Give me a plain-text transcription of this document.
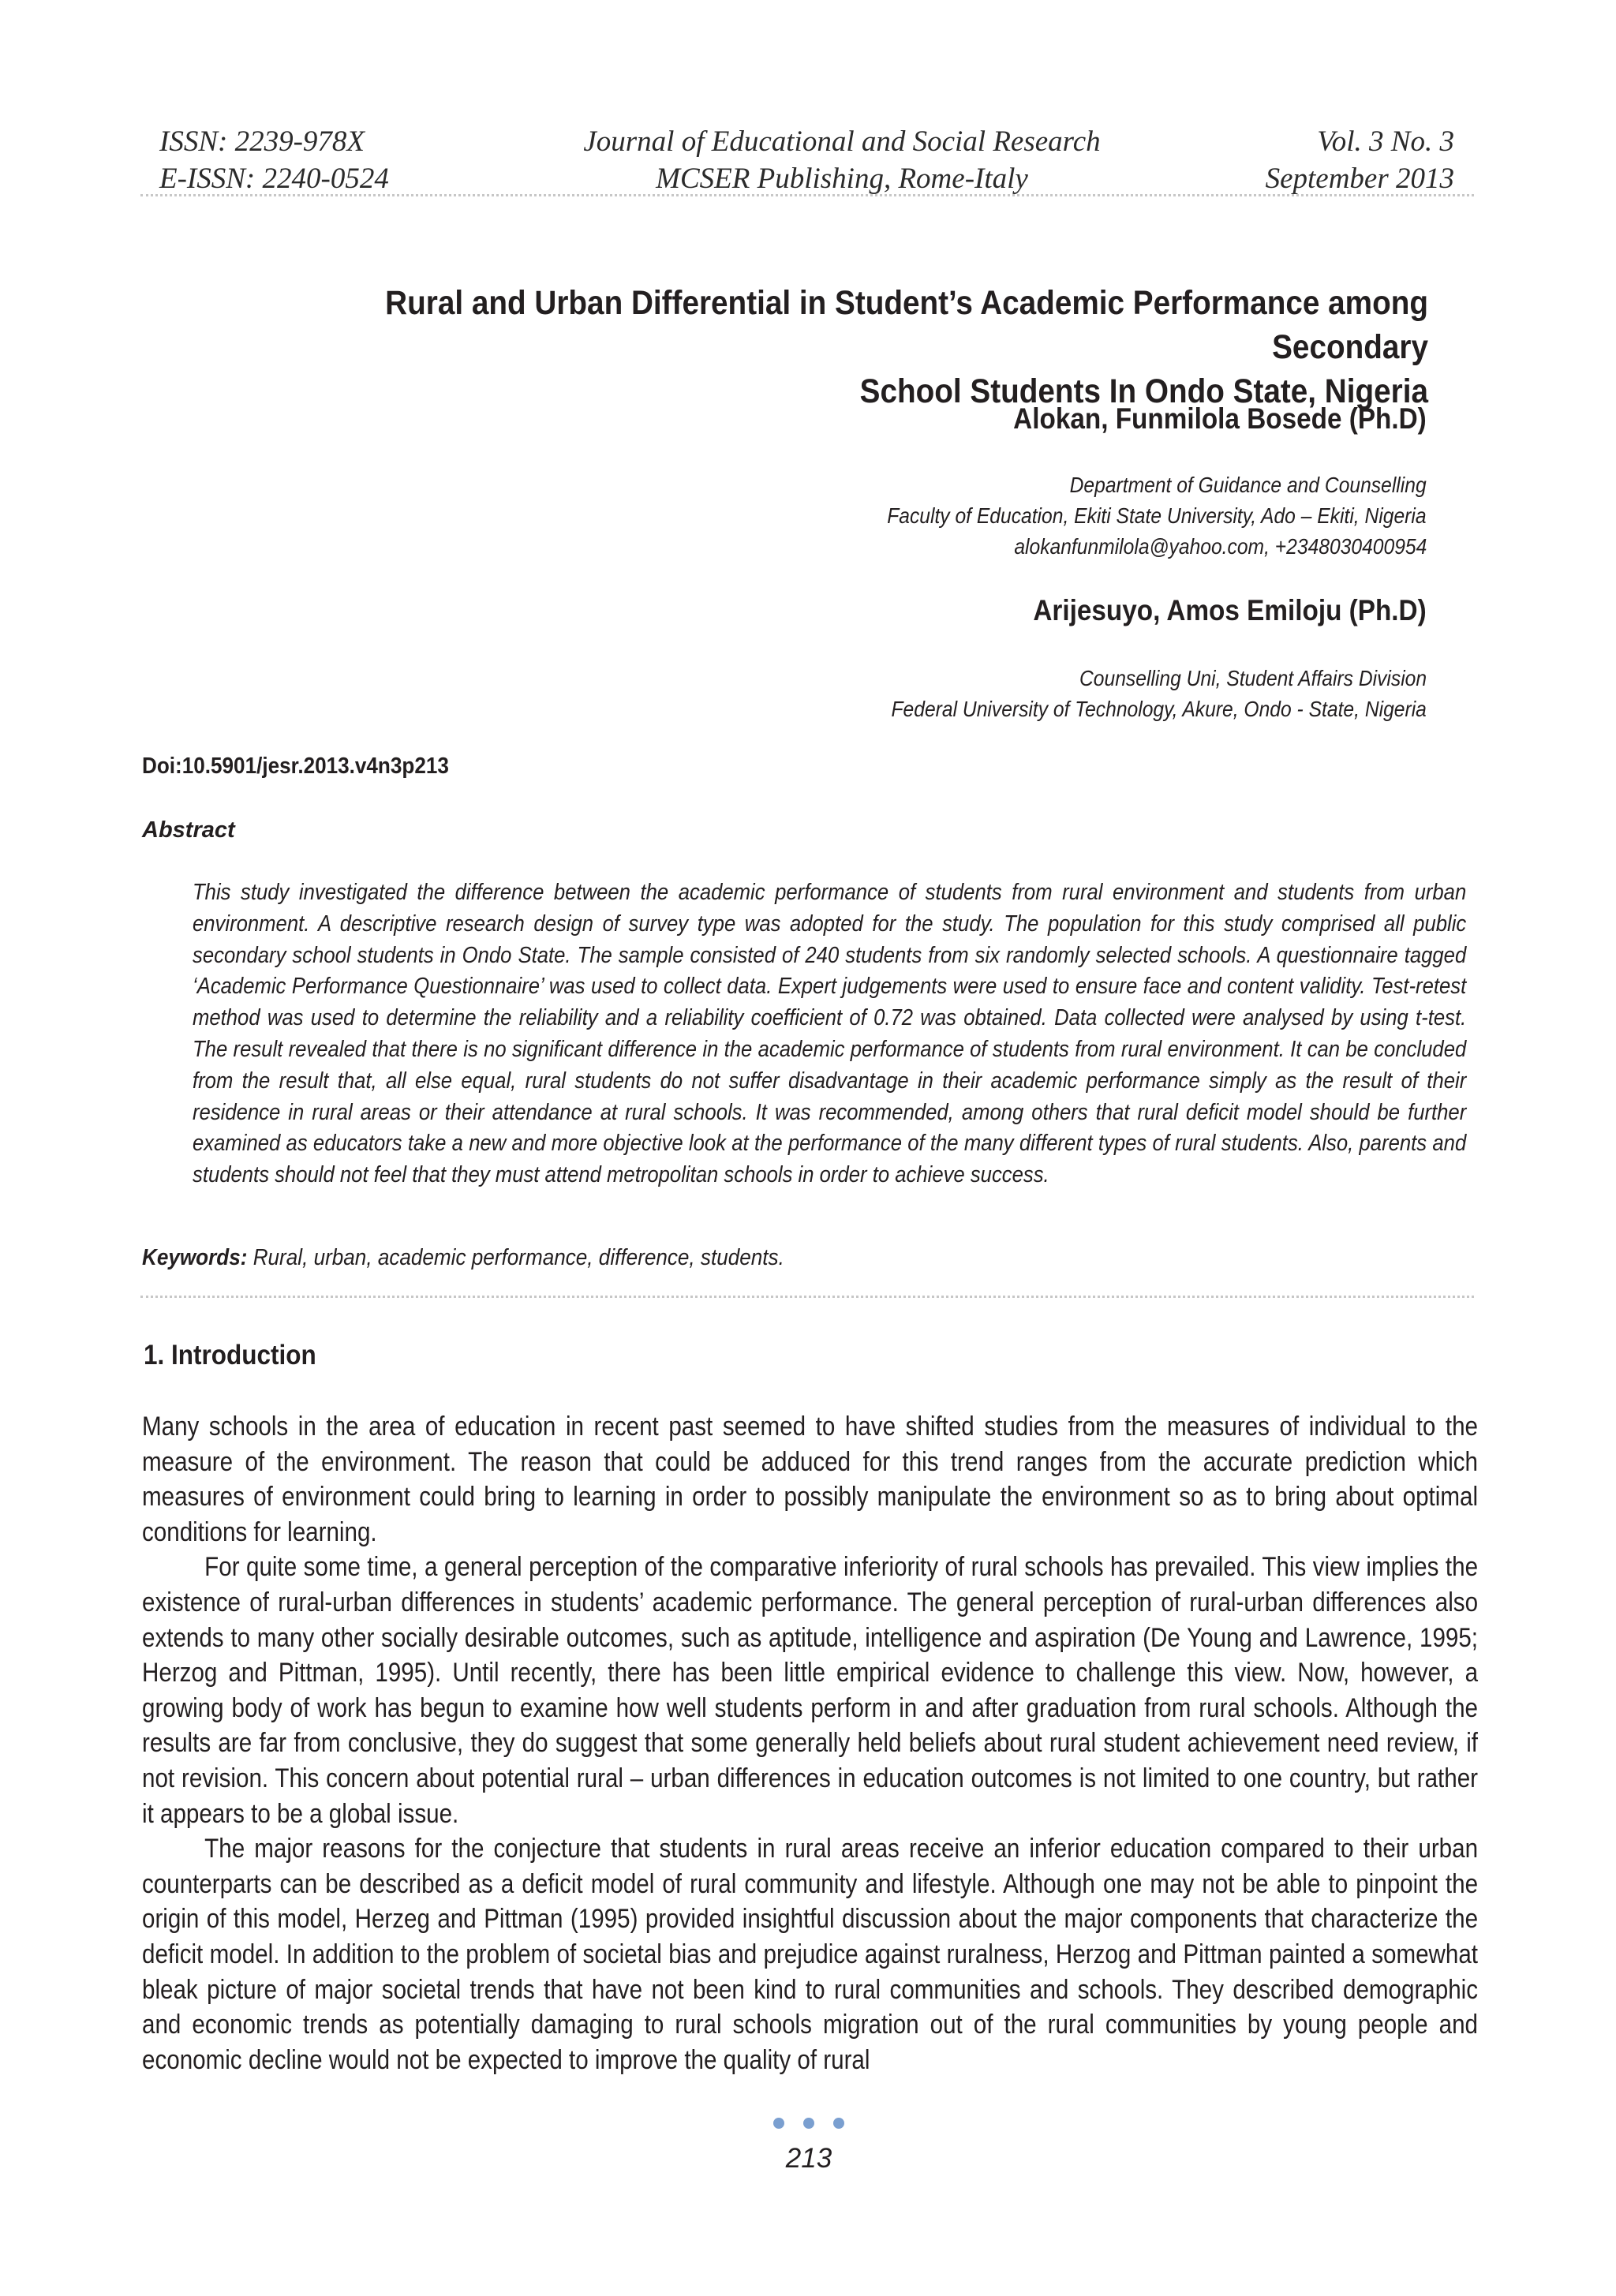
ISSN: 2239-978X
E-ISSN: 2240-0524
Journal of Educational and Social Research
MCSER Publishing, Rome-Italy
Vol. 3 No. 3
September 2013
Rural and Urban Differential in Student’s Academic Performance among Secondary
School Students In Ondo State, Nigeria
Alokan, Funmilola Bosede (Ph.D)
Department of Guidance and Counselling
Faculty of Education, Ekiti State University, Ado – Ekiti, Nigeria
alokanfunmilola@yahoo.com, +2348030400954
Arijesuyo, Amos Emiloju (Ph.D)
Counselling Uni, Student Affairs Division
Federal University of Technology, Akure, Ondo - State, Nigeria
Doi:10.5901/jesr.2013.v4n3p213
Abstract
This study investigated the difference between the academic performance of students from rural environment and students from urban environment. A descriptive research design of survey type was adopted for the study. The population for this study comprised all public secondary school students in Ondo State. The sample consisted of 240 students from six randomly selected schools. A questionnaire tagged ‘Academic Performance Questionnaire’ was used to collect data. Expert judgements were used to ensure face and content validity. Test-retest method was used to determine the reliability and a reliability coefficient of 0.72 was obtained. Data collected were analysed by using t-test. The result revealed that there is no significant difference in the academic performance of students from rural environment. It can be concluded from the result that, all else equal, rural students do not suffer disadvantage in their academic performance simply as the result of their residence in rural areas or their attendance at rural schools. It was recommended, among others that rural deficit model should be further examined as educators take a new and more objective look at the performance of the many different types of rural students. Also, parents and students should not feel that they must attend metropolitan schools in order to achieve success.
Keywords: Rural, urban, academic performance, difference, students.
1. Introduction

Many schools in the area of education in recent past seemed to have shifted studies from the measures of individual to the measure of the environment. The reason that could be adduced for this trend ranges from the accurate prediction which measures of environment could bring to learning in order to possibly manipulate the environment so as to bring about optimal conditions for learning.

For quite some time, a general perception of the comparative inferiority of rural schools has prevailed. This view implies the existence of rural-urban differences in students’ academic performance. The general perception of rural-urban differences also extends to many other socially desirable outcomes, such as aptitude, intelligence and aspiration (De Young and Lawrence, 1995; Herzog and Pittman, 1995). Until recently, there has been little empirical evidence to challenge this view. Now, however, a growing body of work has begun to examine how well students perform in and after graduation from rural schools. Although the results are far from conclusive, they do suggest that some generally held beliefs about rural student achievement need review, if not revision. This concern about potential rural – urban differences in education outcomes is not limited to one country, but rather it appears to be a global issue.

The major reasons for the conjecture that students in rural areas receive an inferior education compared to their urban counterparts can be described as a deficit model of rural community and lifestyle. Although one may not be able to pinpoint the origin of this model, Herzeg and Pittman (1995) provided insightful discussion about the major components that characterize the deficit model. In addition to the problem of societal bias and prejudice against ruralness, Herzog and Pittman painted a somewhat bleak picture of major societal trends that have not been kind to rural communities and schools. They described demographic and economic trends as potentially damaging to rural schools migration out of the rural communities by young people and economic decline would not be expected to improve the quality of rural

213
